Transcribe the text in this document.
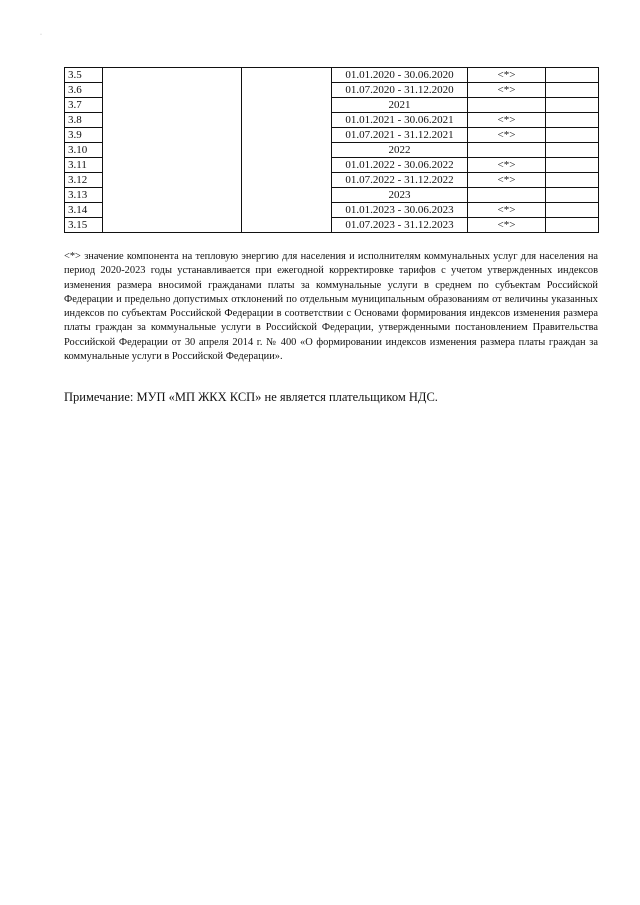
·
3.5			01.01.2020 - 30.06.2020	<*>	
3.6			01.07.2020 - 31.12.2020	<*>	
3.7			2021		
3.8			01.01.2021 - 30.06.2021	<*>	
3.9			01.07.2021 - 31.12.2021	<*>	
3.10			2022		
3.11			01.01.2022 - 30.06.2022	<*>	
3.12			01.07.2022 - 31.12.2022	<*>	
3.13			2023		
3.14			01.01.2023 - 30.06.2023	<*>	
3.15			01.07.2023 - 31.12.2023	<*>	

<*> значение компонента на тепловую энергию для населения и исполнителям коммунальных услуг для населения на период 2020-2023 годы устанавливается при ежегодной корректировке тарифов с учетом утвержденных индексов изменения размера вносимой гражданами платы за коммунальные услуги в среднем по субъектам Российской Федерации и предельно допустимых отклонений по отдельным муниципальным образованиям от величины указанных индексов по субъектам Российской Федерации в соответствии с Основами формирования индексов изменения размера платы граждан за коммунальные услуги в Российской Федерации, утвержденными постановлением Правительства Российской Федерации от 30 апреля 2014 г. № 400 «О формировании индексов изменения размера платы граждан за коммунальные услуги в Российской Федерации».

Примечание: МУП «МП ЖКХ КСП» не является плательщиком НДС.
